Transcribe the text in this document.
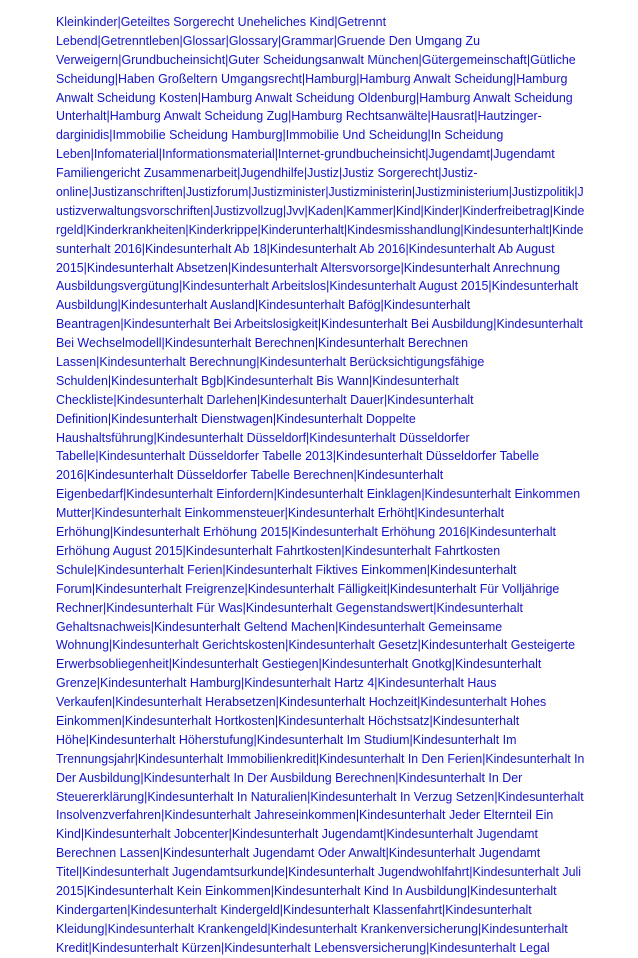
Kleinkinder|Geteiltes Sorgerecht Uneheliches Kind|Getrennt
Lebend|Getrenntleben|Glossar|Glossary|Grammar|Gruende Den Umgang Zu
Verweigern|Grundbucheinsicht|Guter Scheidungsanwalt München|Gütergemeinschaft|Gütliche
Scheidung|Haben Großeltern Umgangsrecht|Hamburg|Hamburg Anwalt Scheidung|Hamburg
Anwalt Scheidung Kosten|Hamburg Anwalt Scheidung Oldenburg|Hamburg Anwalt Scheidung
Unterhalt|Hamburg Anwalt Scheidung Zug|Hamburg Rechtsanwälte|Hausrat|Hautzinger-
darginidis|Immobilie Scheidung Hamburg|Immobilie Und Scheidung|In Scheidung
Leben|Infomaterial|Informationsmaterial|Internet-grundbucheinsicht|Jugendamt|Jugendamt
Familiengericht Zusammenarbeit|Jugendhilfe|Justiz|Justiz Sorgerecht|Justiz-
online|Justizanschriften|Justizforum|Justizminister|Justizministerin|Justizministerium|Justizpolitik|J
ustizverwaltungsvorschriften|Justizvollzug|Jvv|Kaden|Kammer|Kind|Kinder|Kinderfreibetrag|Kinde
rgeld|Kinderkrankheiten|Kinderkrippe|Kinderunterhalt|Kindesmisshandlung|Kindesunterhalt|Kinde
sunterhalt 2016|Kindesunterhalt Ab 18|Kindesunterhalt Ab 2016|Kindesunterhalt Ab August
2015|Kindesunterhalt Absetzen|Kindesunterhalt Altersvorsorge|Kindesunterhalt Anrechnung
Ausbildungsvergütung|Kindesunterhalt Arbeitslos|Kindesunterhalt August 2015|Kindesunterhalt
Ausbildung|Kindesunterhalt Ausland|Kindesunterhalt Bafög|Kindesunterhalt
Beantragen|Kindesunterhalt Bei Arbeitslosigkeit|Kindesunterhalt Bei Ausbildung|Kindesunterhalt
Bei Wechselmodell|Kindesunterhalt Berechnen|Kindesunterhalt Berechnen
Lassen|Kindesunterhalt Berechnung|Kindesunterhalt Berücksichtigungsfähige
Schulden|Kindesunterhalt Bgb|Kindesunterhalt Bis Wann|Kindesunterhalt
Checkliste|Kindesunterhalt Darlehen|Kindesunterhalt Dauer|Kindesunterhalt
Definition|Kindesunterhalt Dienstwagen|Kindesunterhalt Doppelte
Haushaltsführung|Kindesunterhalt Düsseldorf|Kindesunterhalt Düsseldorfer
Tabelle|Kindesunterhalt Düsseldorfer Tabelle 2013|Kindesunterhalt Düsseldorfer Tabelle
2016|Kindesunterhalt Düsseldorfer Tabelle Berechnen|Kindesunterhalt
Eigenbedarf|Kindesunterhalt Einfordern|Kindesunterhalt Einklagen|Kindesunterhalt Einkommen
Mutter|Kindesunterhalt Einkommensteuer|Kindesunterhalt Erhöht|Kindesunterhalt
Erhöhung|Kindesunterhalt Erhöhung 2015|Kindesunterhalt Erhöhung 2016|Kindesunterhalt
Erhöhung August 2015|Kindesunterhalt Fahrtkosten|Kindesunterhalt Fahrtkosten
Schule|Kindesunterhalt Ferien|Kindesunterhalt Fiktives Einkommen|Kindesunterhalt
Forum|Kindesunterhalt Freigrenze|Kindesunterhalt Fälligkeit|Kindesunterhalt Für Volljährige
Rechner|Kindesunterhalt Für Was|Kindesunterhalt Gegenstandswert|Kindesunterhalt
Gehaltsnachweis|Kindesunterhalt Geltend Machen|Kindesunterhalt Gemeinsame
Wohnung|Kindesunterhalt Gerichtskosten|Kindesunterhalt Gesetz|Kindesunterhalt Gesteigerte
Erwerbsobliegenheit|Kindesunterhalt Gestiegen|Kindesunterhalt Gnotkg|Kindesunterhalt
Grenze|Kindesunterhalt Hamburg|Kindesunterhalt Hartz 4|Kindesunterhalt Haus
Verkaufen|Kindesunterhalt Herabsetzen|Kindesunterhalt Hochzeit|Kindesunterhalt Hohes
Einkommen|Kindesunterhalt Hortkosten|Kindesunterhalt Höchstsatz|Kindesunterhalt
Höhe|Kindesunterhalt Höherstufung|Kindesunterhalt Im Studium|Kindesunterhalt Im
Trennungsjahr|Kindesunterhalt Immobilienkredit|Kindesunterhalt In Den Ferien|Kindesunterhalt In
Der Ausbildung|Kindesunterhalt In Der Ausbildung Berechnen|Kindesunterhalt In Der
Steuererklärung|Kindesunterhalt In Naturalien|Kindesunterhalt In Verzug Setzen|Kindesunterhalt
Insolvenzverfahren|Kindesunterhalt Jahreseinkommen|Kindesunterhalt Jeder Elternteil Ein
Kind|Kindesunterhalt Jobcenter|Kindesunterhalt Jugendamt|Kindesunterhalt Jugendamt
Berechnen Lassen|Kindesunterhalt Jugendamt Oder Anwalt|Kindesunterhalt Jugendamt
Titel|Kindesunterhalt Jugendamtsurkunde|Kindesunterhalt Jugendwohlfahrt|Kindesunterhalt Juli
2015|Kindesunterhalt Kein Einkommen|Kindesunterhalt Kind In Ausbildung|Kindesunterhalt
Kindergarten|Kindesunterhalt Kindergeld|Kindesunterhalt Klassenfahrt|Kindesunterhalt
Kleidung|Kindesunterhalt Krankengeld|Kindesunterhalt Krankenversicherung|Kindesunterhalt
Kredit|Kindesunterhalt Kürzen|Kindesunterhalt Lebensversicherung|Kindesunterhalt Legal
